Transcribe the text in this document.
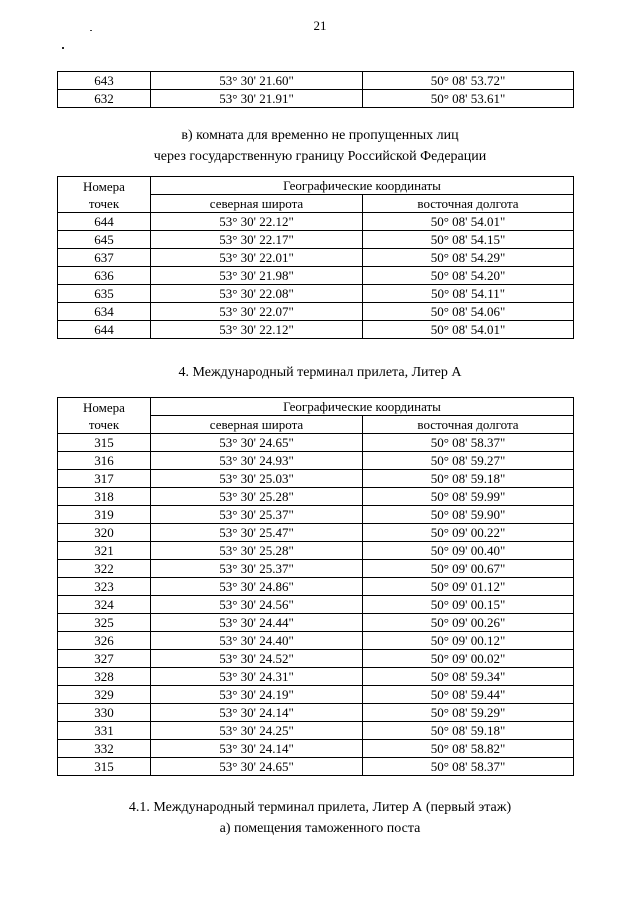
21
643	53° 30' 21.60"	50° 08' 53.72"
632	53° 30' 21.91"	50° 08' 53.61"
в) комната для временно не пропущенных лиц
через государственную границу Российской Федерации
Номера
точек	Географические координаты	
	северная широта	восточная долгота
644	53° 30' 22.12"	50° 08' 54.01"
645	53° 30' 22.17"	50° 08' 54.15"
637	53° 30' 22.01"	50° 08' 54.29"
636	53° 30' 21.98"	50° 08' 54.20"
635	53° 30' 22.08"	50° 08' 54.11"
634	53° 30' 22.07"	50° 08' 54.06"
644	53° 30' 22.12"	50° 08' 54.01"
4. Международный терминал прилета, Литер А
Номера
точек	Географические координаты	
	северная широта	восточная долгота
315	53° 30' 24.65"	50° 08' 58.37"
316	53° 30' 24.93"	50° 08' 59.27"
317	53° 30' 25.03"	50° 08' 59.18"
318	53° 30' 25.28"	50° 08' 59.99"
319	53° 30' 25.37"	50° 08' 59.90"
320	53° 30' 25.47"	50° 09' 00.22"
321	53° 30' 25.28"	50° 09' 00.40"
322	53° 30' 25.37"	50° 09' 00.67"
323	53° 30' 24.86"	50° 09' 01.12"
324	53° 30' 24.56"	50° 09' 00.15"
325	53° 30' 24.44"	50° 09' 00.26"
326	53° 30' 24.40"	50° 09' 00.12"
327	53° 30' 24.52"	50° 09' 00.02"
328	53° 30' 24.31"	50° 08' 59.34"
329	53° 30' 24.19"	50° 08' 59.44"
330	53° 30' 24.14"	50° 08' 59.29"
331	53° 30' 24.25"	50° 08' 59.18"
332	53° 30' 24.14"	50° 08' 58.82"
315	53° 30' 24.65"	50° 08' 58.37"
4.1. Международный терминал прилета, Литер А (первый этаж)
а) помещения таможенного поста
